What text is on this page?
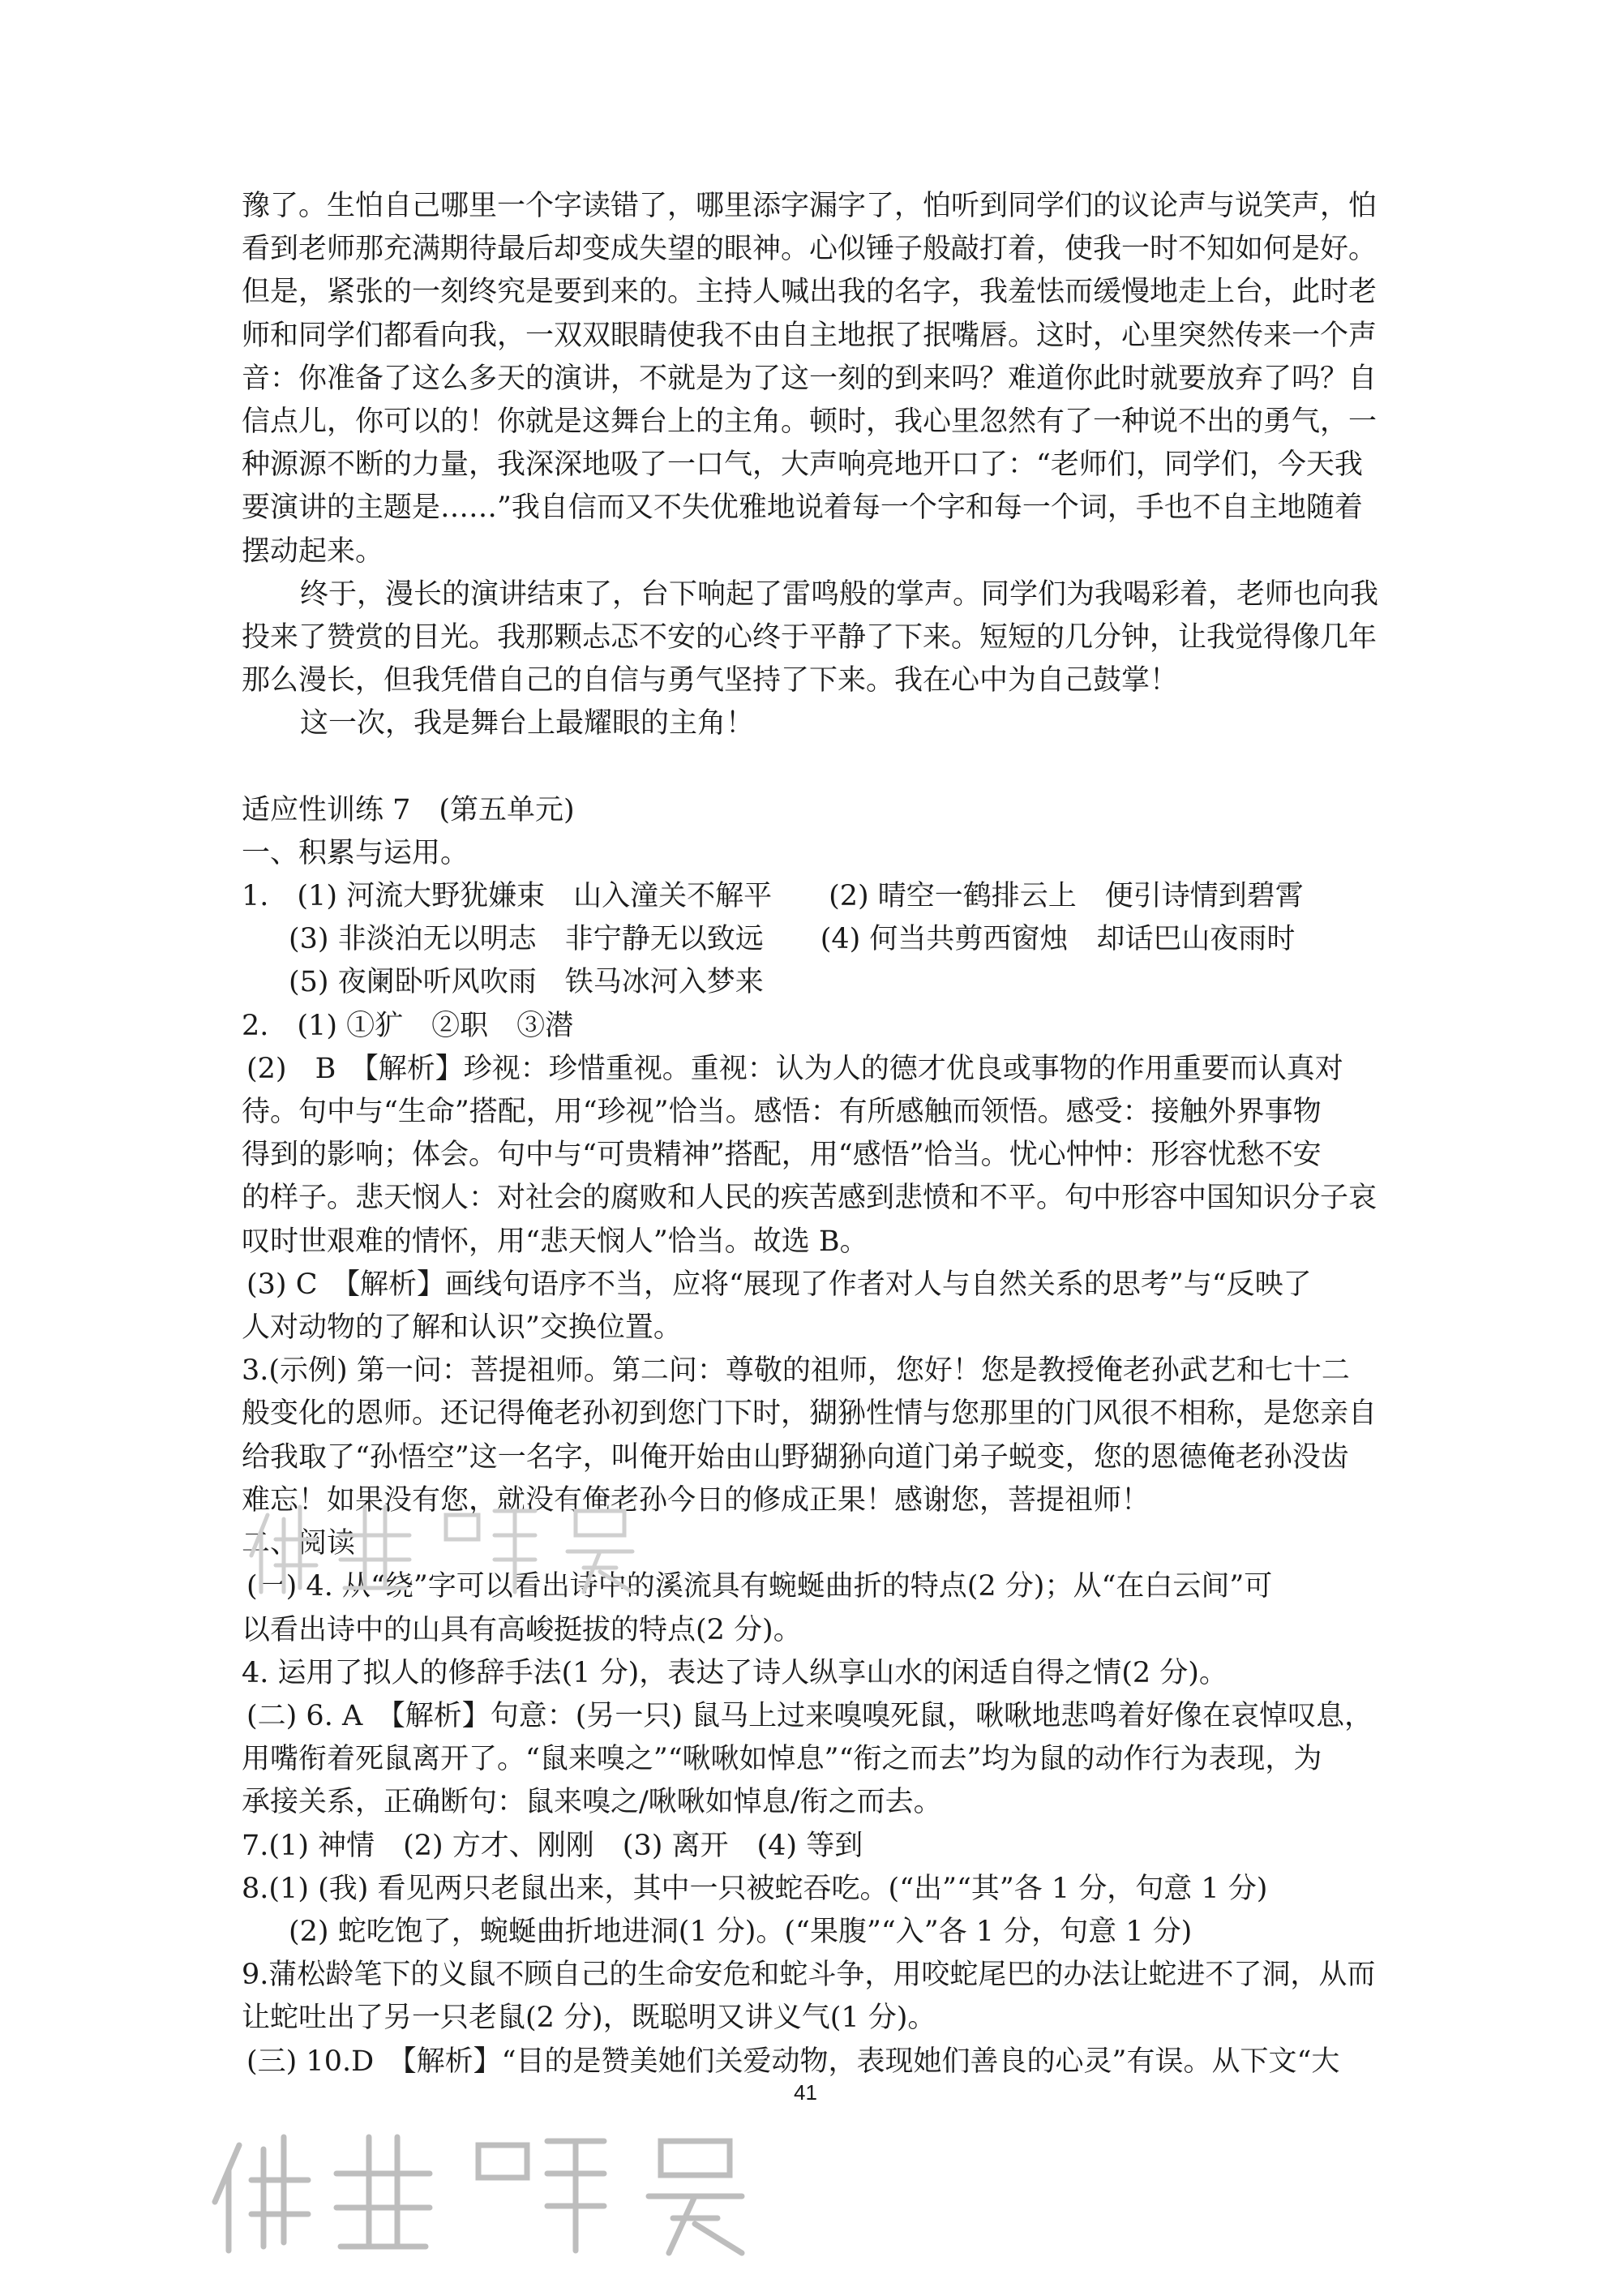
豫了。生怕自己哪里一个字读错了，哪里添字漏字了，怕听到同学们的议论声与说笑声，怕

看到老师那充满期待最后却变成失望的眼神。心似锤子般敲打着，使我一时不知如何是好。

但是，紧张的一刻终究是要到来的。主持人喊出我的名字，我羞怯而缓慢地走上台，此时老

师和同学们都看向我，一双双眼睛使我不由自主地抿了抿嘴唇。这时，心里突然传来一个声

音：你准备了这么多天的演讲，不就是为了这一刻的到来吗？难道你此时就要放弃了吗？自

信点儿，你可以的！你就是这舞台上的主角。顿时，我心里忽然有了一种说不出的勇气，一

种源源不断的力量，我深深地吸了一口气，大声响亮地开口了：“老师们，同学们，今天我

要演讲的主题是……”我自信而又不失优雅地说着每一个字和每一个词，手也不自主地随着

摆动起来。

终于，漫长的演讲结束了，台下响起了雷鸣般的掌声。同学们为我喝彩着，老师也向我

投来了赞赏的目光。我那颗忐忑不安的心终于平静了下来。短短的几分钟，让我觉得像几年

那么漫长，但我凭借自己的自信与勇气坚持了下来。我在心中为自己鼓掌！

这一次，我是舞台上最耀眼的主角！

适应性训练 7　(第五单元)

一、积累与运用。

1.　(1) 河流大野犹嫌束　山入潼关不解平　　(2) 晴空一鹤排云上　便引诗情到碧霄

(3) 非淡泊无以明志　非宁静无以致远　　(4) 何当共剪西窗烛　却话巴山夜雨时

(5) 夜阑卧听风吹雨　铁马冰河入梦来

2.　(1) ①犷　②职　③潜

(2)　B　【解析】珍视：珍惜重视。重视：认为人的德才优良或事物的作用重要而认真对

待。句中与“生命”搭配，用“珍视”恰当。感悟：有所感触而领悟。感受：接触外界事物

得到的影响；体会。句中与“可贵精神”搭配，用“感悟”恰当。忧心忡忡：形容忧愁不安

的样子。悲天悯人：对社会的腐败和人民的疾苦感到悲愤和不平。句中形容中国知识分子哀

叹时世艰难的情怀，用“悲天悯人”恰当。故选 B。

(3) C　【解析】画线句语序不当，应将“展现了作者对人与自然关系的思考”与“反映了

人对动物的了解和认识”交换位置。

3.(示例) 第一问：菩提祖师。第二问：尊敬的祖师，您好！您是教授俺老孙武艺和七十二

般变化的恩师。还记得俺老孙初到您门下时，猢狲性情与您那里的门风很不相称，是您亲自

给我取了“孙悟空”这一名字，叫俺开始由山野猢狲向道门弟子蜕变，您的恩德俺老孙没齿

难忘！如果没有您，就没有俺老孙今日的修成正果！感谢您，菩提祖师！

二、阅读

(一) 4. 从“绕”字可以看出诗中的溪流具有蜿蜒曲折的特点(2 分)；从“在白云间”可

以看出诗中的山具有高峻挺拔的特点(2 分)。

4. 运用了拟人的修辞手法(1 分)，表达了诗人纵享山水的闲适自得之情(2 分)。

(二) 6. A　【解析】句意：(另一只) 鼠马上过来嗅嗅死鼠，啾啾地悲鸣着好像在哀悼叹息，

用嘴衔着死鼠离开了。“鼠来嗅之”“啾啾如悼息”“衔之而去”均为鼠的动作行为表现，为

承接关系，正确断句：鼠来嗅之/啾啾如悼息/衔之而去。

7.(1) 神情　(2) 方才、刚刚　(3) 离开　(4) 等到

8.(1) (我) 看见两只老鼠出来，其中一只被蛇吞吃。(“出”“其”各 1 分，句意 1 分)

(2) 蛇吃饱了，蜿蜒曲折地进洞(1 分)。(“果腹”“入”各 1 分，句意 1 分)

9.蒲松龄笔下的义鼠不顾自己的生命安危和蛇斗争，用咬蛇尾巴的办法让蛇进不了洞，从而

让蛇吐出了另一只老鼠(2 分)，既聪明又讲义气(1 分)。

(三) 10.D　【解析】“目的是赞美她们关爱动物，表现她们善良的心灵”有误。从下文“大

41
